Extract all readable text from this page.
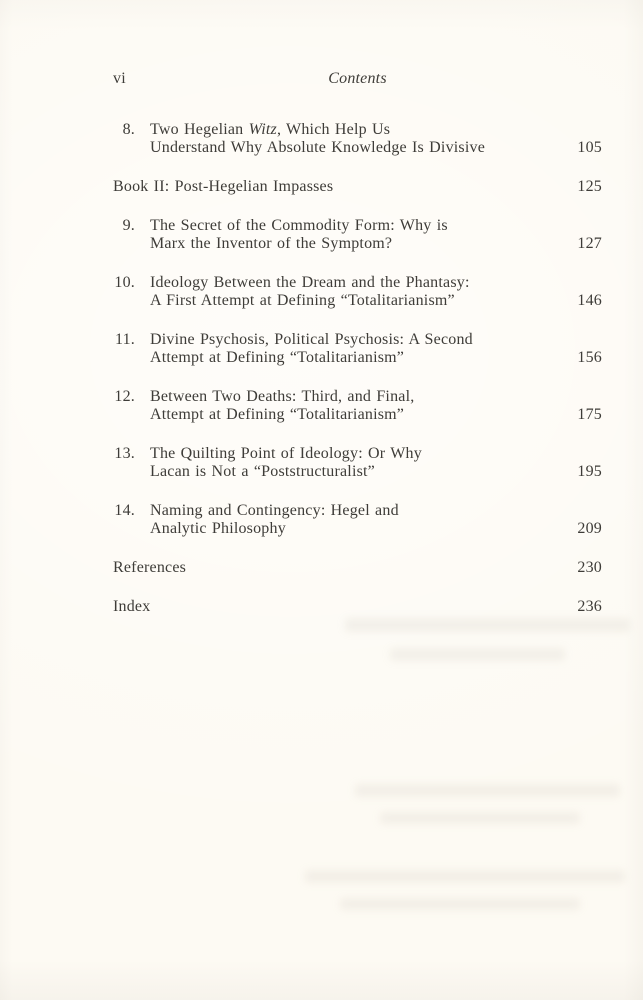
vi	Contents
8. Two Hegelian Witz, Which Help Us
Understand Why Absolute Knowledge Is Divisive	105
Book II: Post-Hegelian Impasses	125
9. The Secret of the Commodity Form: Why is
Marx the Inventor of the Symptom?	127
10. Ideology Between the Dream and the Phantasy:
A First Attempt at Defining “Totalitarianism”	146
11. Divine Psychosis, Political Psychosis: A Second
Attempt at Defining “Totalitarianism”	156
12. Between Two Deaths: Third, and Final,
Attempt at Defining “Totalitarianism”	175
13. The Quilting Point of Ideology: Or Why
Lacan is Not a “Poststructuralist”	195
14. Naming and Contingency: Hegel and
Analytic Philosophy	209
References	230
Index	236
